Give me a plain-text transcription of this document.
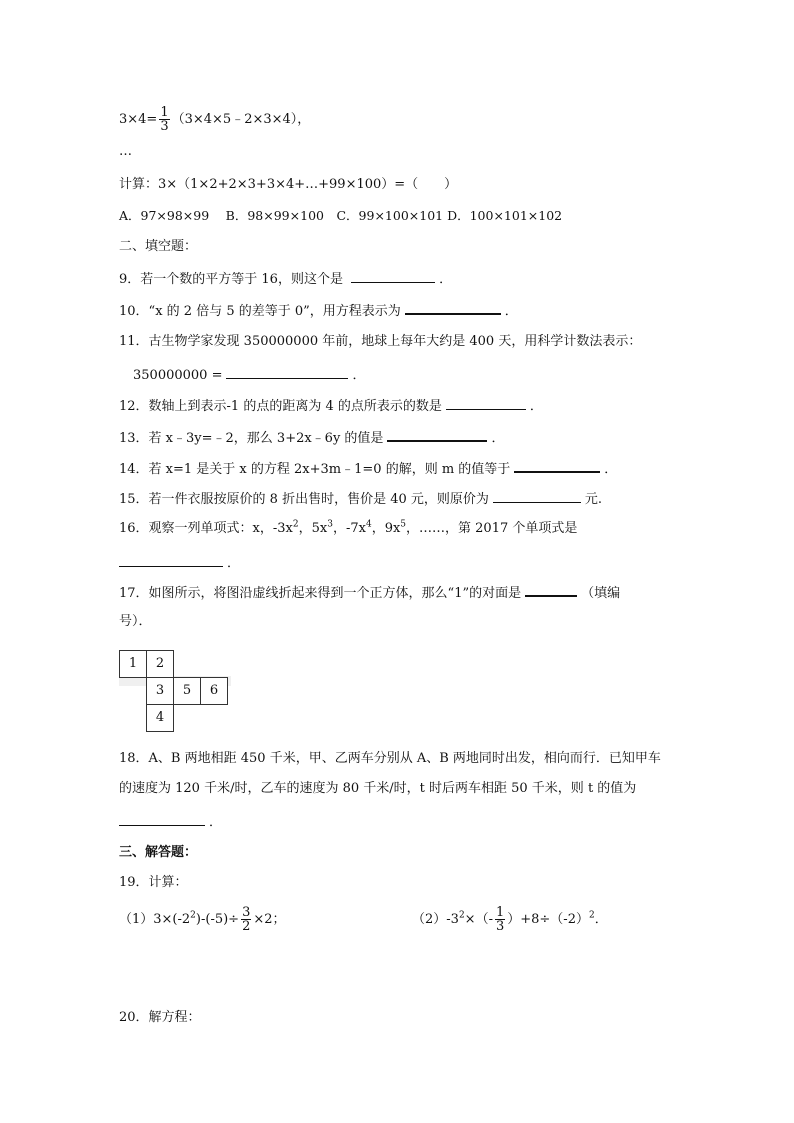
$3\times 4= \frac{1}{3}$ （3×4×5﹣2×3×4），
…
计算：3×（1×2+2×3+3×4+…+99×100）=（　　）
A．97×98×99　 B．98×99×100　C．99×100×101 D．100×101×102
二、填空题：
9．若一个数的平方等于 16，则这个是	．
10．“x 的 2 倍与 5 的差等于 0”，用方程表示为	．
11．古生物学家发现 350000000 年前，地球上每年大约是 400 天，用科学计数法表示：
350000000 =	．
12．数轴上到表示-1 的点的距离为 4 的点所表示的数是	．
13．若 x﹣3y=﹣2，那么 3+2x﹣6y 的值是	．
14．若 x=1 是关于 x 的方程 2x+3m﹣1=0 的解，则 m 的值等于	．
15．若一件衣服按原价的 8 折出售时，售价是 40 元，则原价为	元.
16．观察一列单项式：x，$-3x^2$，$5x^3$，$-7x^4$，$9x^5$，……，第 2017 个单项式是
．
17．如图所示，将图沿虚线折起来得到一个正方体，那么“1”的对面是	（填编
号）．
1	2
3	5	6
4
18．A、B 两地相距 450 千米，甲、乙两车分别从 A、B 两地同时出发，相向而行．已知甲车
的速度为 120 千米/时，乙车的速度为 80 千米/时，t 时后两车相距 50 千米，则 t 的值为
．
三、解答题：
19．计算：
$(1)3\times(-2^2)-(-5)\div \frac{3}{2} \times 2$；	$(2)-3^2\times(- \frac{1}{3} )+8\div(-2)^2$．
20．解方程：
